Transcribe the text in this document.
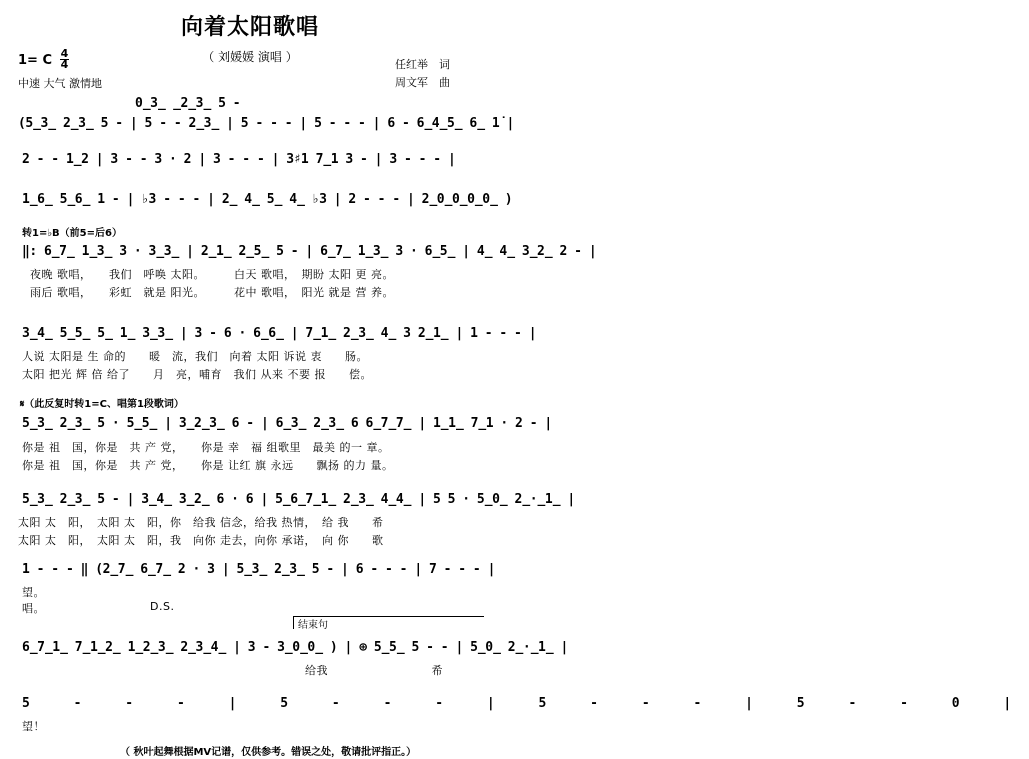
向着太阳歌唱
（ 刘媛媛 演唱 ）
1= C 4
4
中速 大气 激情地
任红举　词
周文军　曲
0̲3̲ ̲2̲3̲ 5 -
(5̲3̲ 2̲3̲ 5 - | 5 - - 2̲3̲ | 5 - - - | 5 - - - | 6 - 6̲4̲5̲ 6̲ 1̇ |
2 - - 1̲2 | 3 - - 3 · 2 | 3 - - - | 3♯1 7̲1 3 - | 3 - - - |
1̲6̲ 5̲6̲ 1 - | ♭3 - - - | 2̲ 4̲ 5̲ 4̲ ♭3 | 2 - - - | 2̲0̲0̲0̲0̲ )
转1=♭B（前5=后6）
‖: 6̲7̲ 1̲3̲ 3 · 3̲3̲ | 2̲1̲ 2̲5̲ 5 - | 6̲7̲ 1̲3̲ 3 · 6̲5̲ | 4̲ 4̲ 3̲2̲ 2 - |
夜晚 歌唱，　　我们　呼唤 太阳。　　　白天 歌唱，　期盼 太阳 更 亮。
雨后 歌唱，　　彩虹　就是 阳光。　　　花中 歌唱，　阳光 就是 营 养。
3̲4̲ 5̲5̲ 5̲ 1̲ 3̲3̲ | 3 - 6 · 6̲6̲ | 7̲1̲ 2̲3̲ 4̲ 3 2̲1̲ | 1 - - - |
人说 太阳是 生 命的　　暖　流，我们　向着 太阳 诉说 衷　　肠。
太阳 把光 辉 倍 给了　　月　亮，哺育　我们 从来 不要 报　　偿。
𝄋（此反复时转1=C、唱第1段歌词）
5̲3̲ 2̲3̲ 5 · 5̲5̲ | 3̲2̲3̲ 6 - | 6̲3̲ 2̲3̲ 6 6̲7̲7̲ | 1̲1̲ 7̲1 · 2 - |
你是 祖　国，你是　共 产 党，　　你是 幸　福 组歌里　最美 的一 章。
你是 祖　国，你是　共 产 党，　　你是 让红 旗 永远　　飘扬 的力 量。
5̲3̲ 2̲3̲ 5 - | 3̲4̲ 3̲2̲ 6 · 6 | 5̲6̲7̲1̲ 2̲3̲ 4̲4̲ | 5 5 · 5̲0̲ 2̲·̲1̲ |
太阳 太　阳，　太阳 太　阳，你　给我 信念，给我 热情，　给 我　　希
太阳 太　阳，　太阳 太　阳，我　向你 走去，向你 承诺，　向 你　　歌
1 - - - ‖ (2̲7̲ 6̲7̲ 2 · 3 | 5̲3̲ 2̲3̲ 5 - | 6 - - - | 7 - - - |
望。
唱。	D.S.
结束句
6̲7̲1̲ 7̲1̲2̲ 1̲2̲3̲ 2̲3̲4̲ | 3 - 3̲0̲0̲ ) | ⊕ 5̲5̲ 5 - - | 5̲0̲ 2̲·̲1̲ |
给我　　　　　　　　　希
5 - - - | 5 - - - | 5 - - - | 5 - - 0 |
望！
（ 秋叶起舞根据MV记谱，仅供参考。错误之处，敬请批评指正。）
